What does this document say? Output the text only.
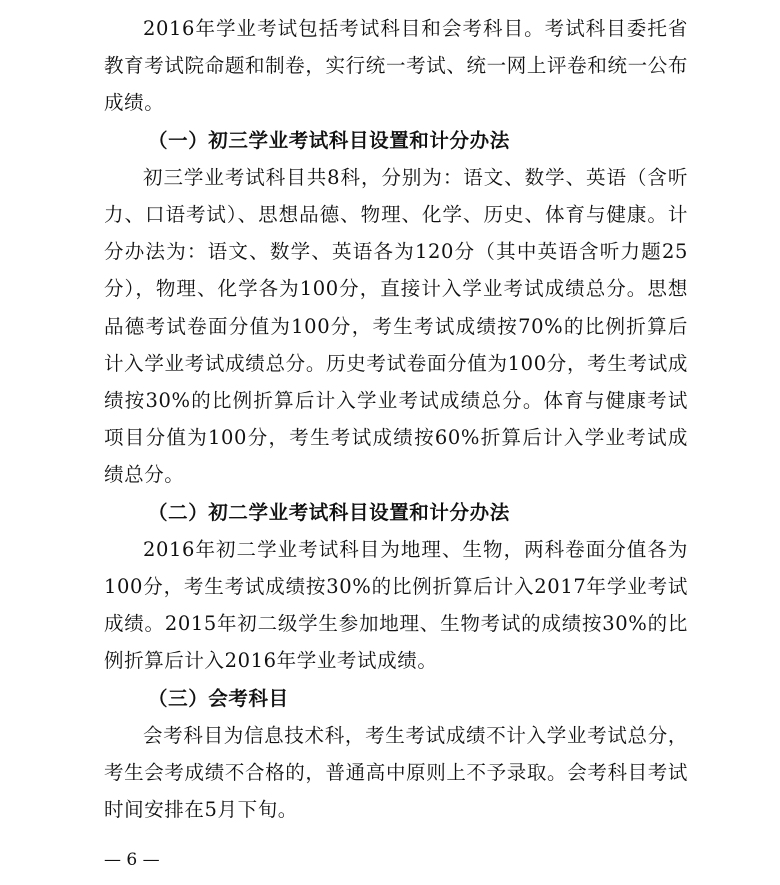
2016年学业考试包括考试科目和会考科目。考试科目委托省教育考试院命题和制卷，实行统一考试、统一网上评卷和统一公布成绩。

（一）初三学业考试科目设置和计分办法

初三学业考试科目共8科，分别为：语文、数学、英语（含听力、口语考试）、思想品德、物理、化学、历史、体育与健康。计分办法为：语文、数学、英语各为120分（其中英语含听力题25分），物理、化学各为100分，直接计入学业考试成绩总分。思想品德考试卷面分值为100分，考生考试成绩按70%的比例折算后计入学业考试成绩总分。历史考试卷面分值为100分，考生考试成绩按30%的比例折算后计入学业考试成绩总分。体育与健康考试项目分值为100分，考生考试成绩按60%折算后计入学业考试成绩总分。

（二）初二学业考试科目设置和计分办法

2016年初二学业考试科目为地理、生物，两科卷面分值各为100分，考生考试成绩按30%的比例折算后计入2017年学业考试成绩。2015年初二级学生参加地理、生物考试的成绩按30%的比例折算后计入2016年学业考试成绩。

（三）会考科目

会考科目为信息技术科，考生考试成绩不计入学业考试总分，考生会考成绩不合格的，普通高中原则上不予录取。会考科目考试时间安排在5月下旬。

— 6 —
